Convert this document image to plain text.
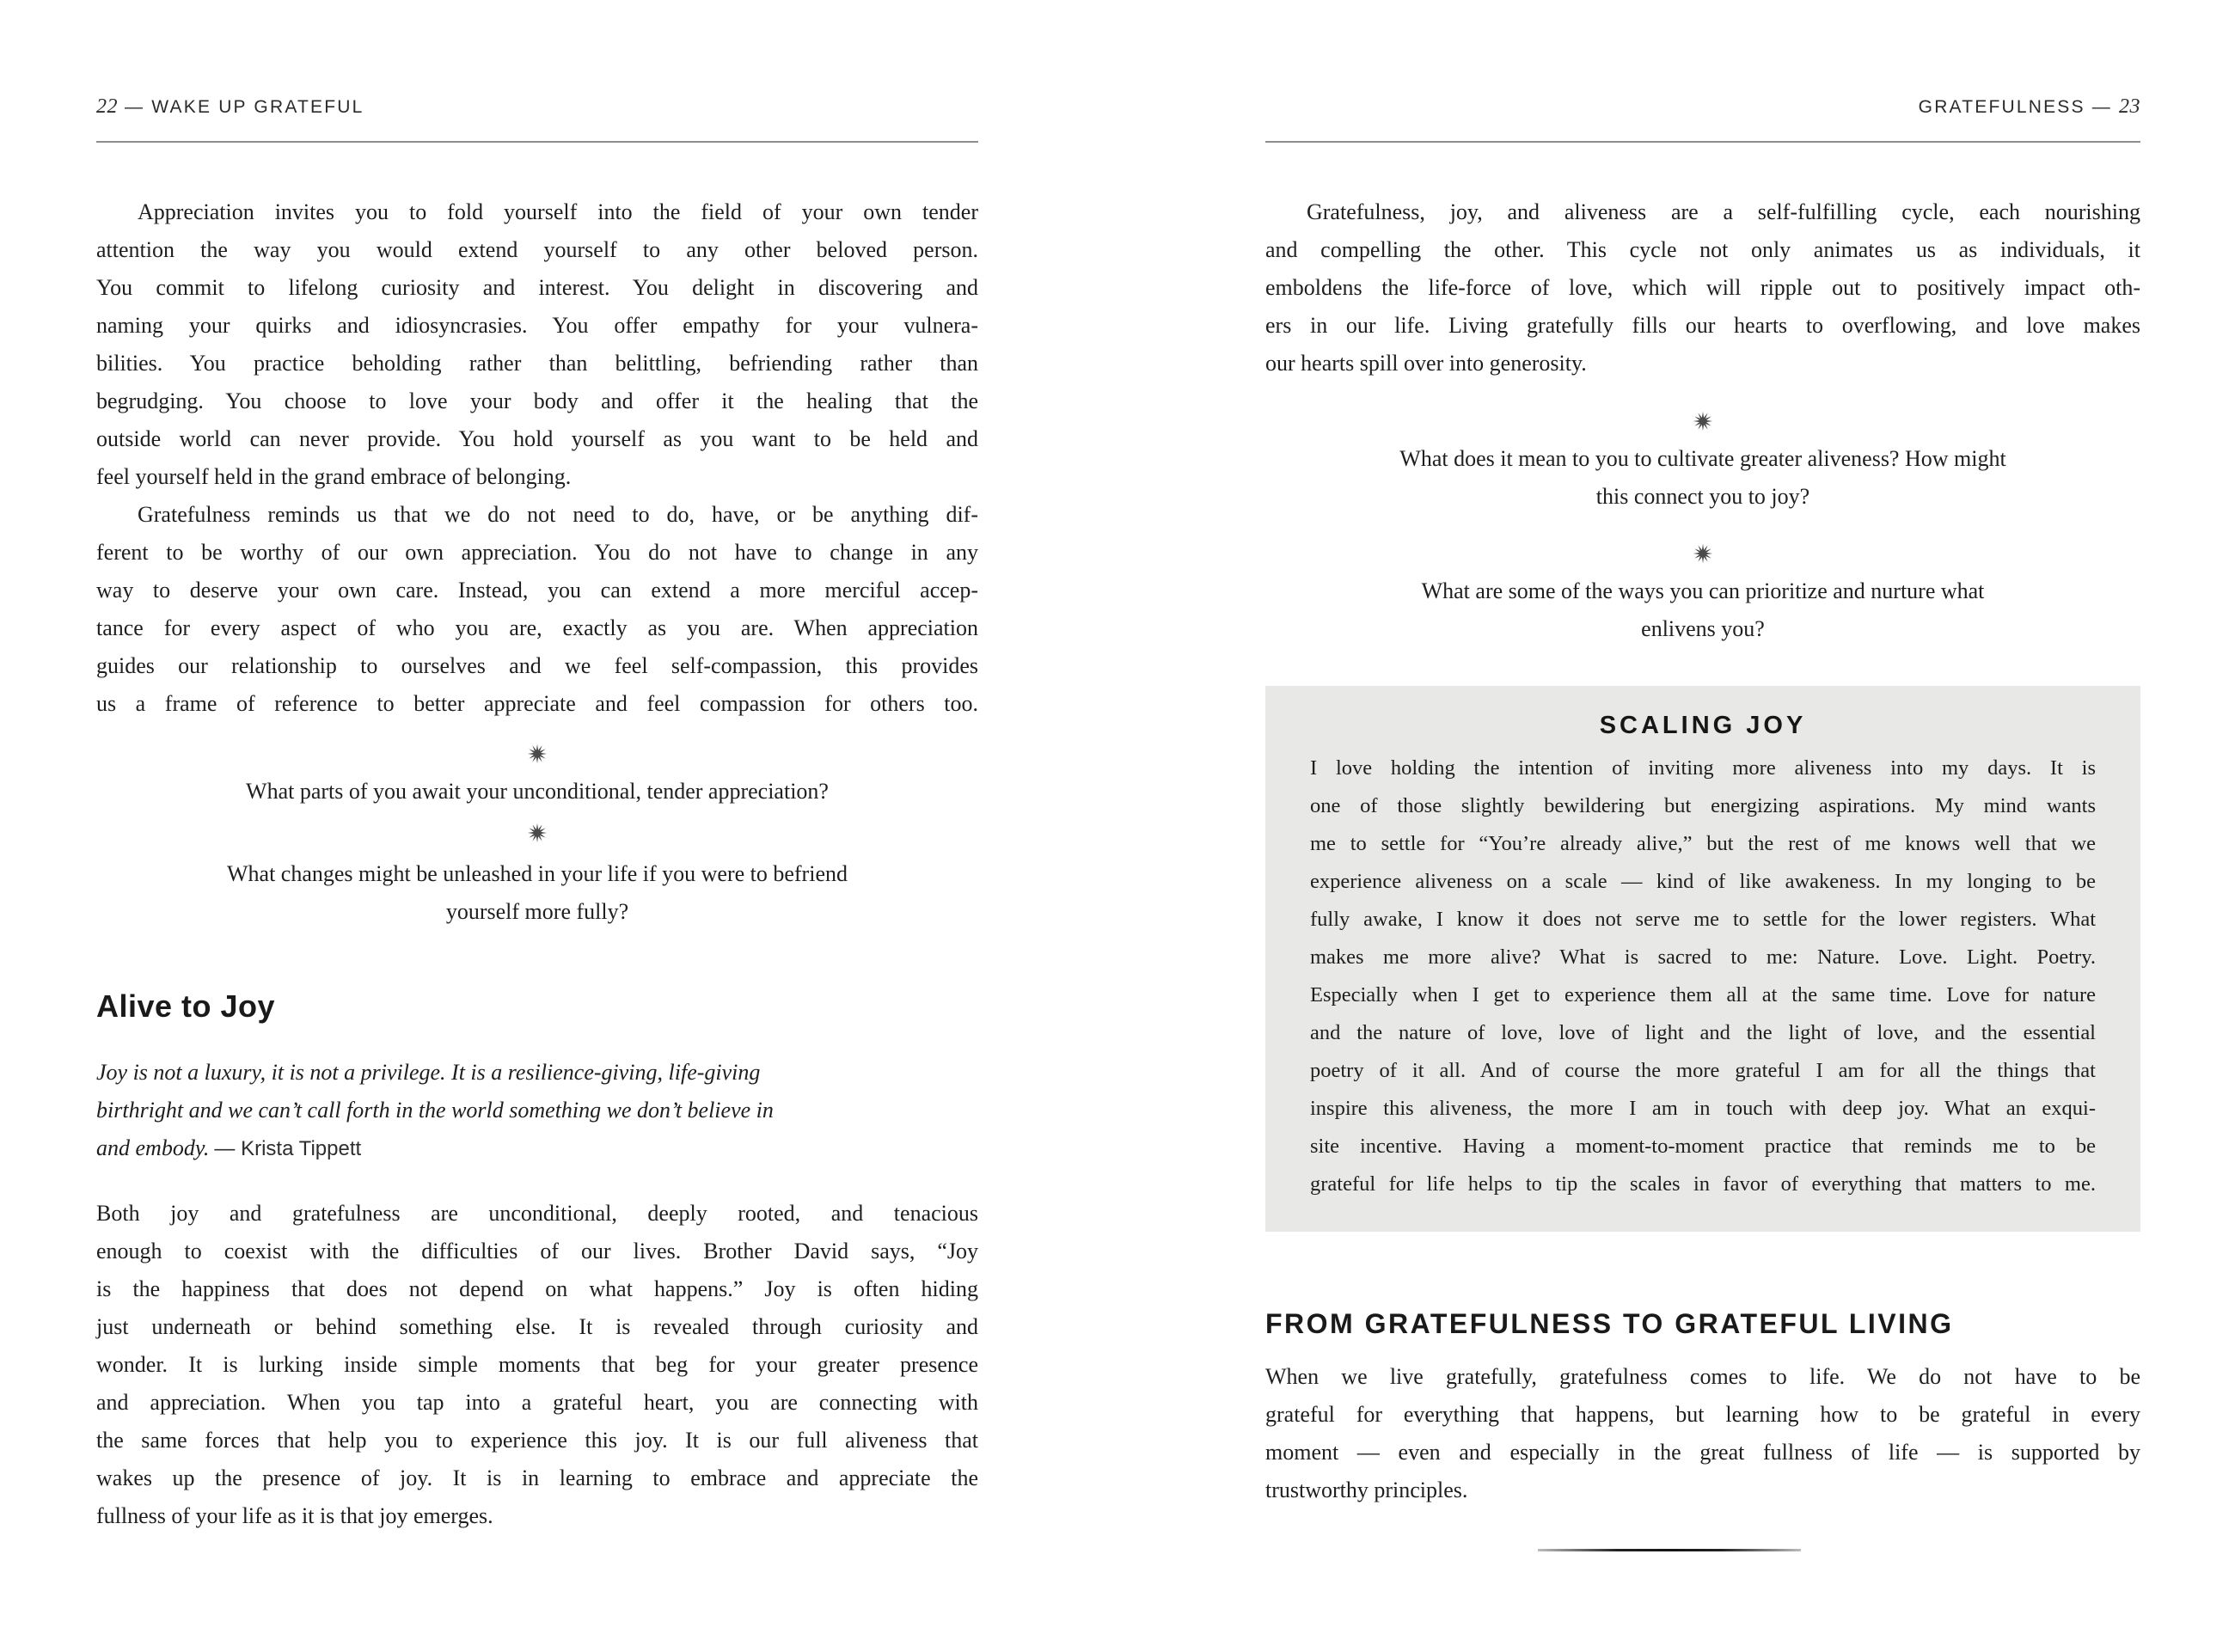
22 — WAKE UP GRATEFUL
Appreciation invites you to fold yourself into the field of your own tender
attention the way you would extend yourself to any other beloved person.
You commit to lifelong curiosity and interest. You delight in discovering and
naming your quirks and idiosyncrasies. You offer empathy for your vulnera-
bilities. You practice beholding rather than belittling, befriending rather than
begrudging. You choose to love your body and offer it the healing that the
outside world can never provide. You hold yourself as you want to be held and
feel yourself held in the grand embrace of belonging.
Gratefulness reminds us that we do not need to do, have, or be anything dif-
ferent to be worthy of our own appreciation. You do not have to change in any
way to deserve your own care. Instead, you can extend a more merciful accep-
tance for every aspect of who you are, exactly as you are. When appreciation
guides our relationship to ourselves and we feel self-compassion, this provides
us a frame of reference to better appreciate and feel compassion for others too.
What parts of you await your unconditional, tender appreciation?
What changes might be unleashed in your life if you were to befriend
yourself more fully?
Alive to Joy
Joy is not a luxury, it is not a privilege. It is a resilience-giving, life-giving
birthright and we can’t call forth in the world something we don’t believe in
and embody. — Krista Tippett
Both joy and gratefulness are unconditional, deeply rooted, and tenacious
enough to coexist with the difficulties of our lives. Brother David says, “Joy
is the happiness that does not depend on what happens.” Joy is often hiding
just underneath or behind something else. It is revealed through curiosity and
wonder. It is lurking inside simple moments that beg for your greater presence
and appreciation. When you tap into a grateful heart, you are connecting with
the same forces that help you to experience this joy. It is our full aliveness that
wakes up the presence of joy. It is in learning to embrace and appreciate the
fullness of your life as it is that joy emerges.
GRATEFULNESS — 23
Gratefulness, joy, and aliveness are a self-fulfilling cycle, each nourishing
and compelling the other. This cycle not only animates us as individuals, it
emboldens the life-force of love, which will ripple out to positively impact oth-
ers in our life. Living gratefully fills our hearts to overflowing, and love makes
our hearts spill over into generosity.
What does it mean to you to cultivate greater aliveness? How might
this connect you to joy?
What are some of the ways you can prioritize and nurture what
enlivens you?
SCALING JOY
I love holding the intention of inviting more aliveness into my days. It is
one of those slightly bewildering but energizing aspirations. My mind wants
me to settle for “You’re already alive,” but the rest of me knows well that we
experience aliveness on a scale — kind of like awakeness. In my longing to be
fully awake, I know it does not serve me to settle for the lower registers. What
makes me more alive? What is sacred to me: Nature. Love. Light. Poetry.
Especially when I get to experience them all at the same time. Love for nature
and the nature of love, love of light and the light of love, and the essential
poetry of it all. And of course the more grateful I am for all the things that
inspire this aliveness, the more I am in touch with deep joy. What an exqui-
site incentive. Having a moment-to-moment practice that reminds me to be
grateful for life helps to tip the scales in favor of everything that matters to me.
FROM GRATEFULNESS TO GRATEFUL LIVING
When we live gratefully, gratefulness comes to life. We do not have to be
grateful for everything that happens, but learning how to be grateful in every
moment — even and especially in the great fullness of life — is supported by
trustworthy principles.
